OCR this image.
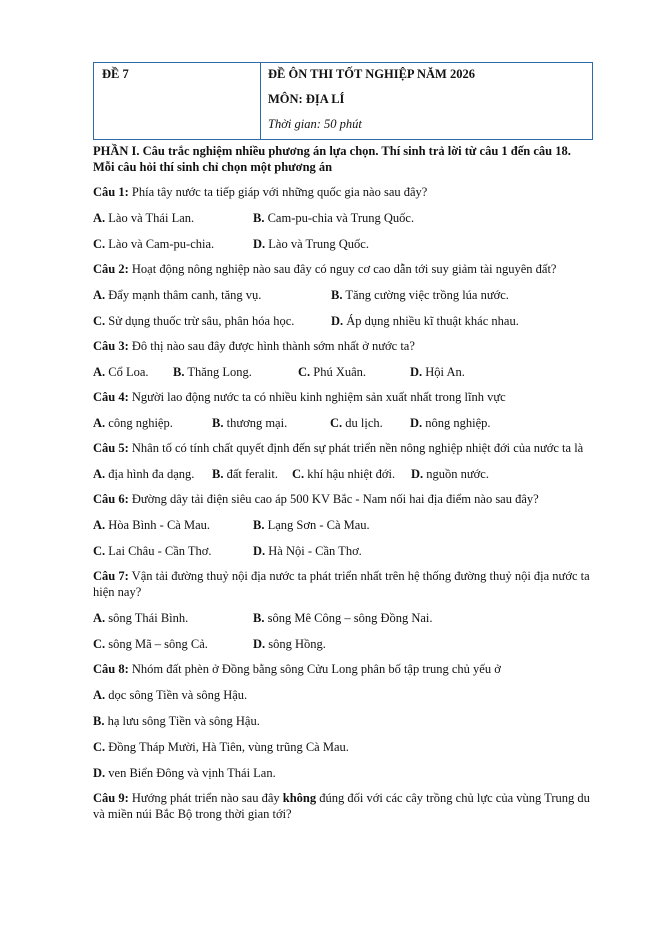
ĐỀ 7	ĐỀ ÔN THI TỐT NGHIỆP NĂM 2026
MÔN: ĐỊA LÍ
Thời gian: 50 phút
PHẦN I. Câu trắc nghiệm nhiều phương án lựa chọn. Thí sinh trả lời từ câu 1 đến câu 18. Mỗi câu hỏi thí sinh chỉ chọn một phương án
Câu 1: Phía tây nước ta tiếp giáp với những quốc gia nào sau đây?
A. Lào và Thái Lan.	B. Cam-pu-chia và Trung Quốc.
C. Lào và Cam-pu-chia.	D. Lào và Trung Quốc.
Câu 2: Hoạt động nông nghiệp nào sau đây có nguy cơ cao dẫn tới suy giảm tài nguyên đất?
A. Đẩy mạnh thâm canh, tăng vụ.	B. Tăng cường việc trồng lúa nước.
C. Sử dụng thuốc trừ sâu, phân hóa học.	D. Áp dụng nhiều kĩ thuật khác nhau.
Câu 3: Đô thị nào sau đây được hình thành sớm nhất ở nước ta?
A. Cổ Loa.	B. Thăng Long.	C. Phú Xuân.	D. Hội An.
Câu 4: Người lao động nước ta có nhiều kinh nghiệm sản xuất nhất trong lĩnh vực
A. công nghiệp.	B. thương mại.	C. du lịch.	D. nông nghiệp.
Câu 5: Nhân tố có tính chất quyết định đến sự phát triển nền nông nghiệp nhiệt đới của nước ta là
A. địa hình đa dạng.	B. đất feralit.	C. khí hậu nhiệt đới.	D. nguồn nước.
Câu 6: Đường dây tải điện siêu cao áp 500 KV Bắc - Nam nối hai địa điểm nào sau đây?
A. Hòa Bình - Cà Mau.	B. Lạng Sơn - Cà Mau.
C. Lai Châu - Cần Thơ.	D. Hà Nội - Cần Thơ.
Câu 7: Vận tải đường thuỷ nội địa nước ta phát triển nhất trên hệ thống đường thuỷ nội địa nước ta hiện nay?
A. sông Thái Bình.	B. sông Mê Công – sông Đồng Nai.
C. sông Mã – sông Cả.	D. sông Hồng.
Câu 8: Nhóm đất phèn ở Đồng bằng sông Cửu Long phân bố tập trung chủ yếu ở
A. dọc sông Tiền và sông Hậu.
B. hạ lưu sông Tiền và sông Hậu.
C. Đồng Tháp Mười, Hà Tiên, vùng trũng Cà Mau.
D. ven Biển Đông và vịnh Thái Lan.
Câu 9: Hướng phát triển nào sau đây không đúng đối với các cây trồng chủ lực của vùng Trung du và miền núi Bắc Bộ trong thời gian tới?
